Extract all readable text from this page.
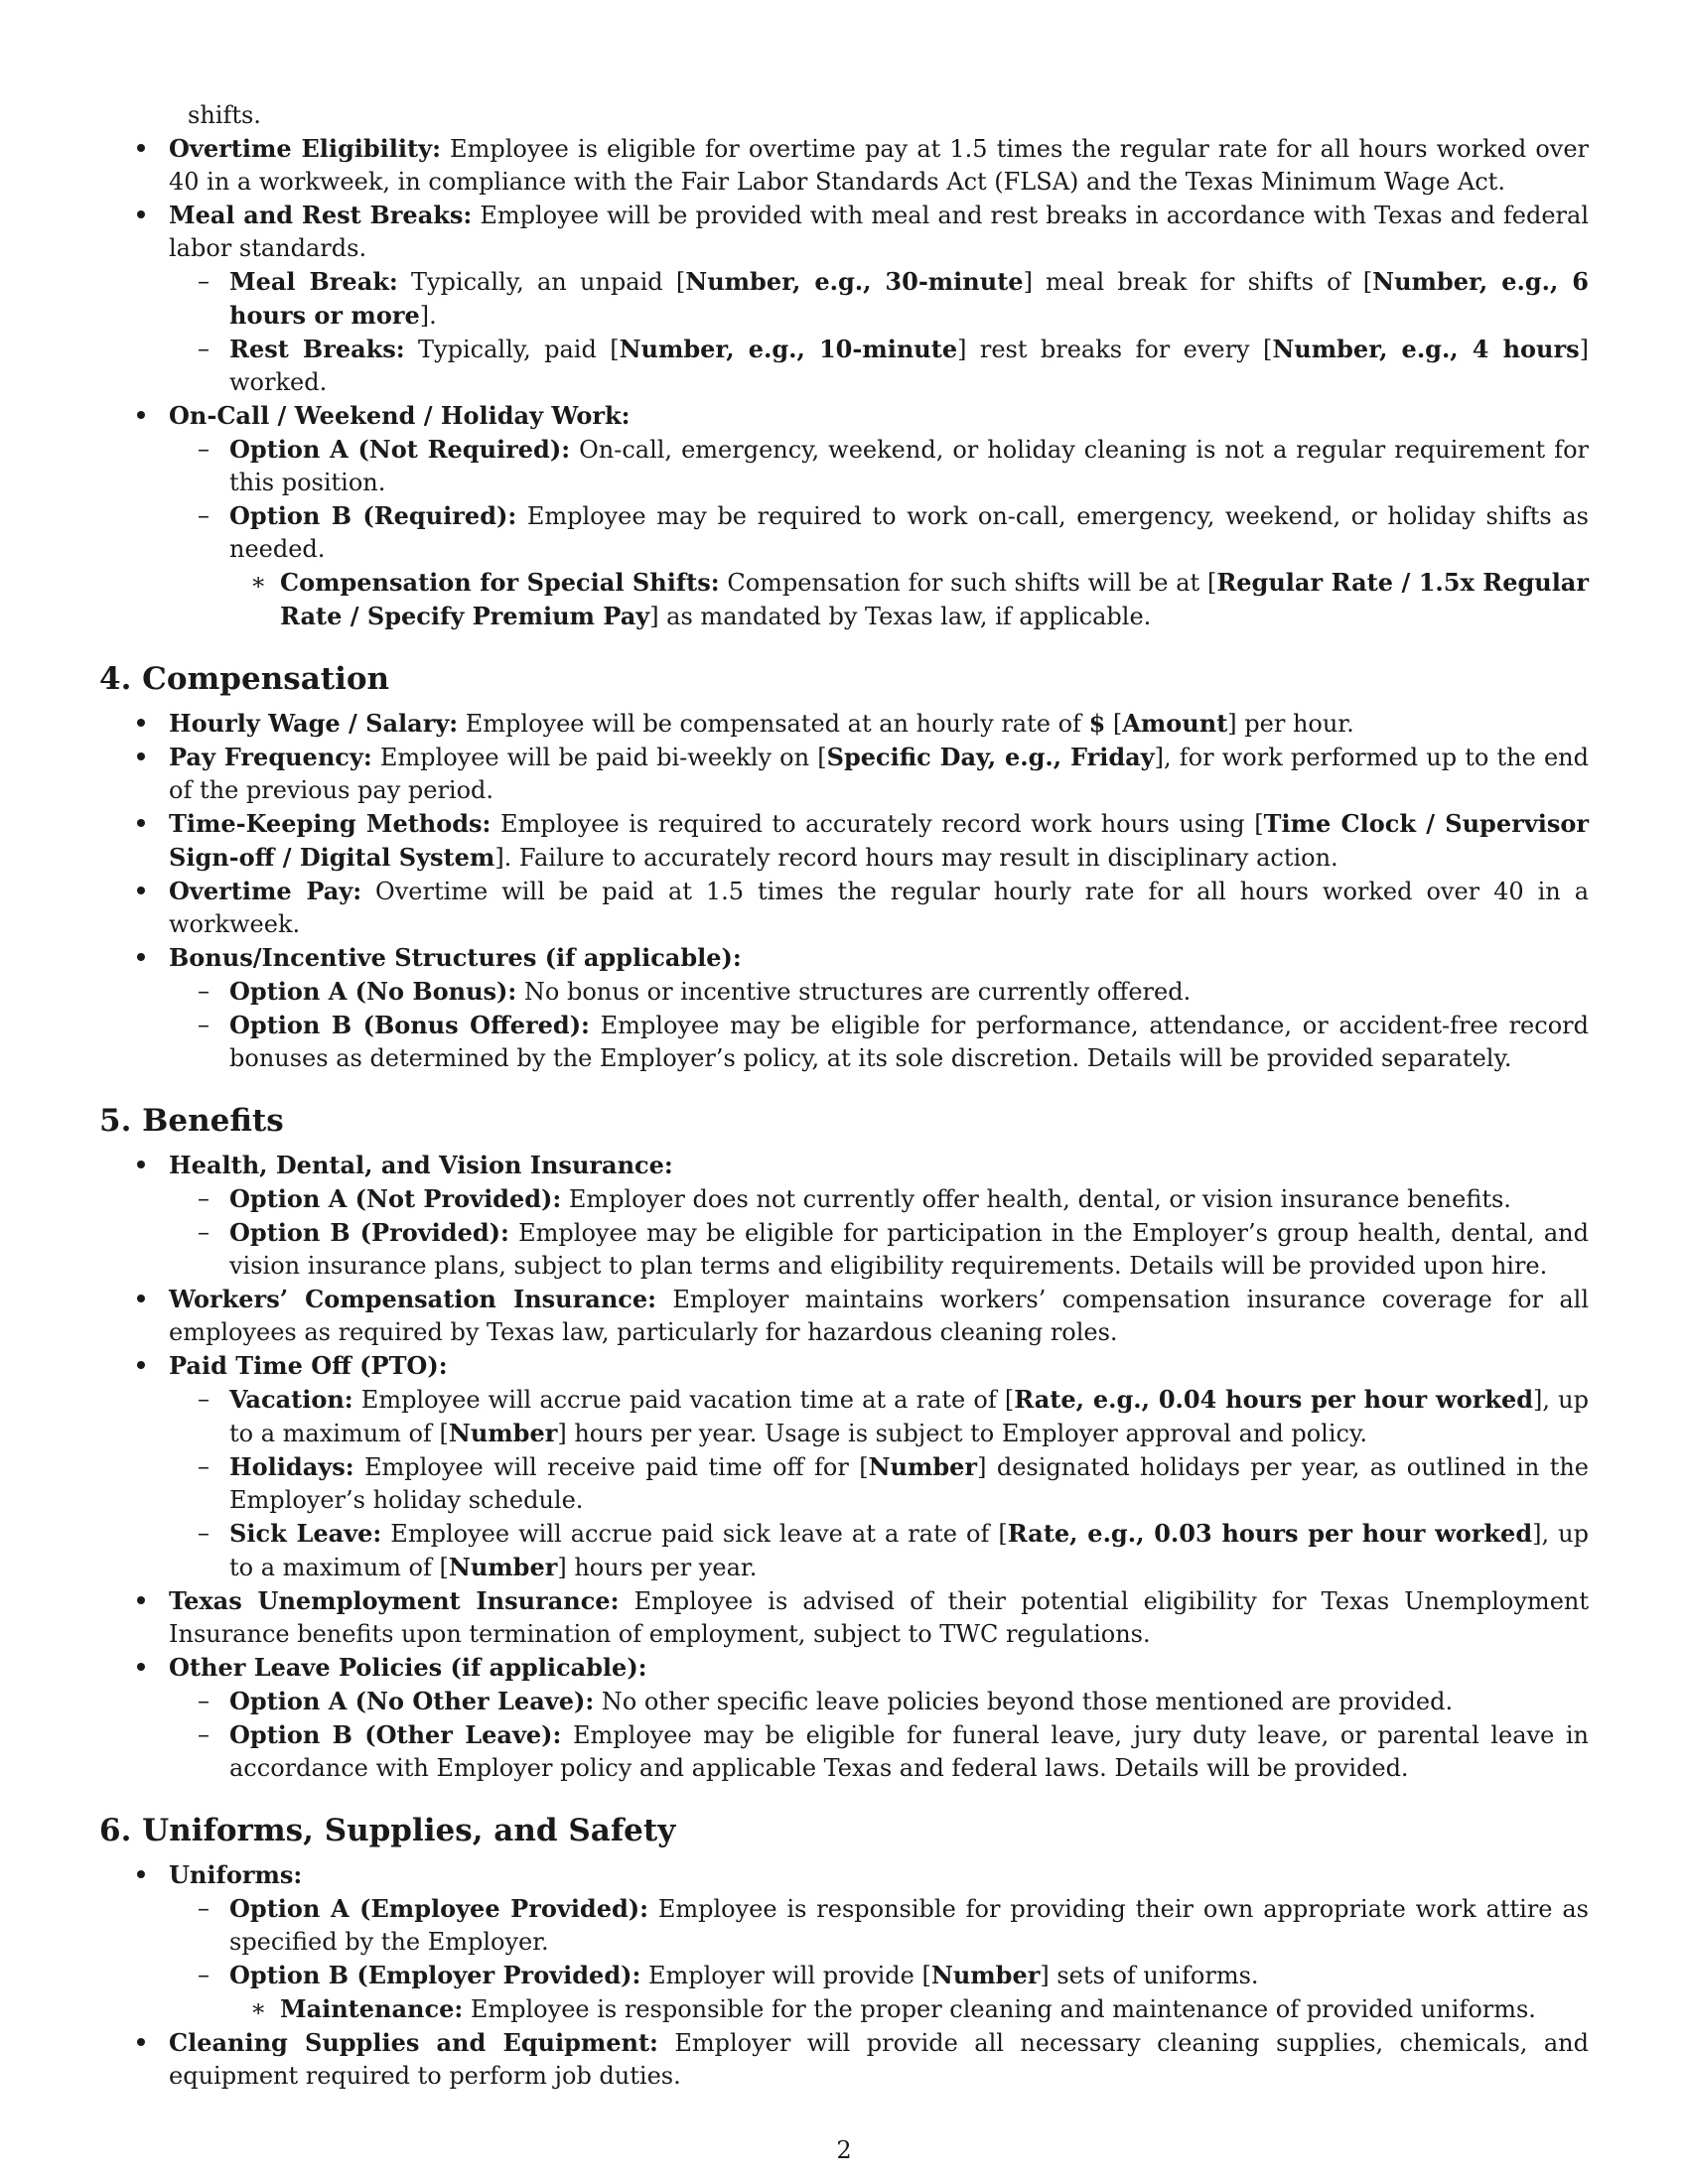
shifts.
Overtime Eligibility: Employee is eligible for overtime pay at 1.5 times the regular rate for all hours worked over 40 in a workweek, in compliance with the Fair Labor Standards Act (FLSA) and the Texas Minimum Wage Act.
Meal and Rest Breaks: Employee will be provided with meal and rest breaks in accordance with Texas and federal labor standards.
– Meal Break: Typically, an unpaid [Number, e.g., 30-minute] meal break for shifts of [Number, e.g., 6 hours or more].
– Rest Breaks: Typically, paid [Number, e.g., 10-minute] rest breaks for every [Number, e.g., 4 hours] worked.
On-Call / Weekend / Holiday Work:
– Option A (Not Required): On-call, emergency, weekend, or holiday cleaning is not a regular requirement for this position.
– Option B (Required): Employee may be required to work on-call, emergency, weekend, or holiday shifts as needed.
∗ Compensation for Special Shifts: Compensation for such shifts will be at [Regular Rate / 1.5x Regular Rate / Specify Premium Pay] as mandated by Texas law, if applicable.
4. Compensation
Hourly Wage / Salary: Employee will be compensated at an hourly rate of $ [Amount] per hour.
Pay Frequency: Employee will be paid bi-weekly on [Specific Day, e.g., Friday], for work performed up to the end of the previous pay period.
Time-Keeping Methods: Employee is required to accurately record work hours using [Time Clock / Supervisor Sign-off / Digital System]. Failure to accurately record hours may result in disciplinary action.
Overtime Pay: Overtime will be paid at 1.5 times the regular hourly rate for all hours worked over 40 in a workweek.
Bonus/Incentive Structures (if applicable):
– Option A (No Bonus): No bonus or incentive structures are currently offered.
– Option B (Bonus Offered): Employee may be eligible for performance, attendance, or accident-free record bonuses as determined by the Employer’s policy, at its sole discretion. Details will be provided separately.
5. Benefits
Health, Dental, and Vision Insurance:
– Option A (Not Provided): Employer does not currently offer health, dental, or vision insurance benefits.
– Option B (Provided): Employee may be eligible for participation in the Employer’s group health, dental, and vision insurance plans, subject to plan terms and eligibility requirements. Details will be provided upon hire.
Workers’ Compensation Insurance: Employer maintains workers’ compensation insurance coverage for all employees as required by Texas law, particularly for hazardous cleaning roles.
Paid Time Off (PTO):
– Vacation: Employee will accrue paid vacation time at a rate of [Rate, e.g., 0.04 hours per hour worked], up to a maximum of [Number] hours per year. Usage is subject to Employer approval and policy.
– Holidays: Employee will receive paid time off for [Number] designated holidays per year, as outlined in the Employer’s holiday schedule.
– Sick Leave: Employee will accrue paid sick leave at a rate of [Rate, e.g., 0.03 hours per hour worked], up to a maximum of [Number] hours per year.
Texas Unemployment Insurance: Employee is advised of their potential eligibility for Texas Unemployment Insurance benefits upon termination of employment, subject to TWC regulations.
Other Leave Policies (if applicable):
– Option A (No Other Leave): No other specific leave policies beyond those mentioned are provided.
– Option B (Other Leave): Employee may be eligible for funeral leave, jury duty leave, or parental leave in accordance with Employer policy and applicable Texas and federal laws. Details will be provided.
6. Uniforms, Supplies, and Safety
Uniforms:
– Option A (Employee Provided): Employee is responsible for providing their own appropriate work attire as specified by the Employer.
– Option B (Employer Provided): Employer will provide [Number] sets of uniforms.
∗ Maintenance: Employee is responsible for the proper cleaning and maintenance of provided uniforms.
Cleaning Supplies and Equipment: Employer will provide all necessary cleaning supplies, chemicals, and equipment required to perform job duties.
2
